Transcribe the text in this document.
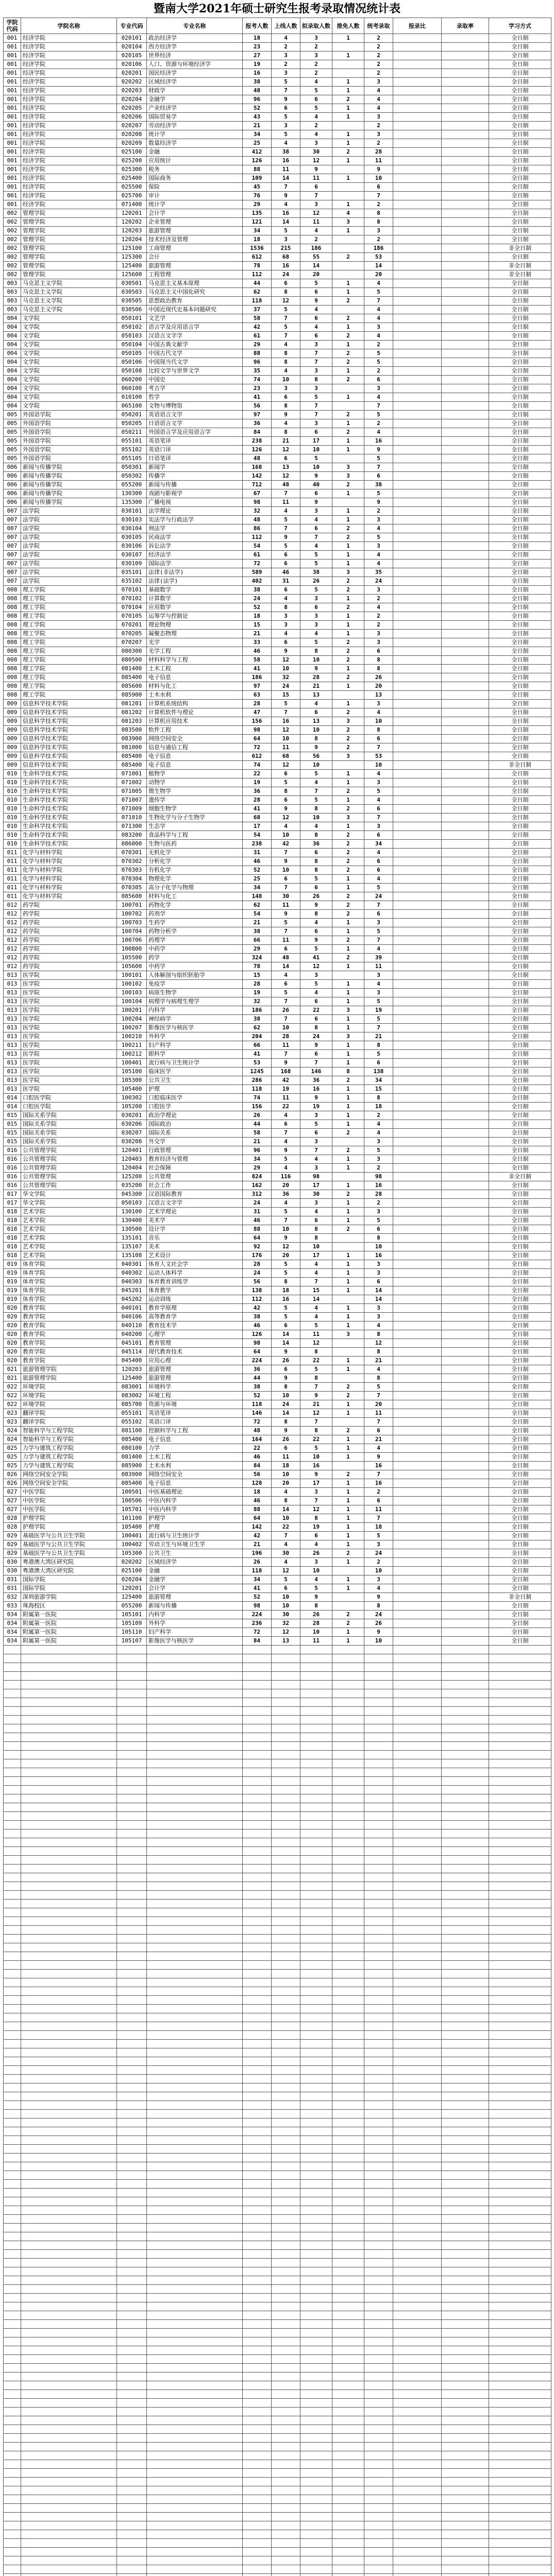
暨南大学2021年硕士研究生报考录取情况统计表
学院代码	学院名称	专业代码	专业名称	报考人数	上线人数	拟录取人数	推免人数	统考录取	报录比	录取率	学习方式
001	经济学院	020101	政治经济学	18	4	3	1	2			全日制
001	经济学院	020104	西方经济学	23	2	2		2			全日制
001	经济学院	020105	世界经济	27	3	3	1	2			全日制
001	经济学院	020106	人口、资源与环境经济学	19	2	2		2			全日制
001	经济学院	020201	国民经济学	16	3	2		2			全日制
001	经济学院	020202	区域经济学	38	5	4	1	3			全日制
001	经济学院	020203	财政学	48	7	5	1	4			全日制
001	经济学院	020204	金融学	96	9	6	2	4			全日制
001	经济学院	020205	产业经济学	52	6	5	1	4			全日制
001	经济学院	020206	国际贸易学	43	5	4	1	3			全日制
001	经济学院	020207	劳动经济学	21	3	2		2			全日制
001	经济学院	020208	统计学	34	5	4	1	3			全日制
001	经济学院	020209	数量经济学	25	4	3	1	2			全日制
001	经济学院	025100	金融	412	38	30	2	28			全日制
001	经济学院	025200	应用统计	126	16	12	1	11			全日制
001	经济学院	025300	税务	88	11	9		9			全日制
001	经济学院	025400	国际商务	109	14	11	1	10			全日制
001	经济学院	025500	保险	45	7	6		6			全日制
001	经济学院	025700	审计	76	9	7		7			全日制
001	经济学院	071400	统计学	29	4	3	1	2			全日制
002	管理学院	120201	会计学	135	16	12	4	8			全日制
002	管理学院	120202	企业管理	121	14	11	3	8			全日制
002	管理学院	120203	旅游管理	34	5	4	1	3			全日制
002	管理学院	120204	技术经济及管理	18	3	2		2			全日制
002	管理学院	125100	工商管理	1536	215	186		186			非全日制
002	管理学院	125300	会计	612	68	55	2	53			全日制
002	管理学院	125400	旅游管理	78	16	14		14			非全日制
002	管理学院	125600	工程管理	112	24	20		20			非全日制
003	马克思主义学院	030501	马克思主义基本原理	44	6	5	1	4			全日制
003	马克思主义学院	030503	马克思主义中国化研究	62	8	6	1	5			全日制
003	马克思主义学院	030505	思想政治教育	118	12	9	2	7			全日制
003	马克思主义学院	030506	中国近现代史基本问题研究	37	5	4		4			全日制
004	文学院	050101	文艺学	58	7	6	2	4			全日制
004	文学院	050102	语言学及应用语言学	42	5	4	1	3			全日制
004	文学院	050103	汉语言文字学	61	7	6	2	4			全日制
004	文学院	050104	中国古典文献学	29	4	3	1	2			全日制
004	文学院	050105	中国古代文学	88	8	7	2	5			全日制
004	文学院	050106	中国现当代文学	96	8	7	2	5			全日制
004	文学院	050108	比较文学与世界文学	35	4	3	1	2			全日制
004	文学院	060200	中国史	74	10	8	2	6			全日制
004	文学院	060100	考古学	23	3	3		3			全日制
004	文学院	010100	哲学	41	6	5	1	4			全日制
004	文学院	065100	文物与博物馆	56	8	7		7			全日制
005	外国语学院	050201	英语语言文学	97	9	7	2	5			全日制
005	外国语学院	050205	日语语言文学	36	4	3	1	2			全日制
005	外国语学院	050211	外国语言学及应用语言学	84	8	6	2	4			全日制
005	外国语学院	055101	英语笔译	238	21	17	1	16			全日制
005	外国语学院	055102	英语口译	126	12	10	1	9			全日制
005	外国语学院	055105	日语笔译	48	6	5		5			全日制
006	新闻与传播学院	050301	新闻学	168	13	10	3	7			全日制
006	新闻与传播学院	050302	传播学	142	12	9	3	6			全日制
006	新闻与传播学院	055200	新闻与传播	712	48	40	2	38			全日制
006	新闻与传播学院	130300	戏剧与影视学	67	7	6	1	5			全日制
006	新闻与传播学院	135300	广播电视	98	11	9		9			全日制
007	法学院	030101	法学理论	32	4	3	1	2			全日制
007	法学院	030103	宪法学与行政法学	48	5	4	1	3			全日制
007	法学院	030104	刑法学	86	7	6	2	4			全日制
007	法学院	030105	民商法学	112	9	7	2	5			全日制
007	法学院	030106	诉讼法学	54	5	4	1	3			全日制
007	法学院	030107	经济法学	61	6	5	1	4			全日制
007	法学院	030109	国际法学	72	6	5	1	4			全日制
007	法学院	035101	法律(非法学)	589	46	38	3	35			全日制
007	法学院	035102	法律(法学)	402	31	26	2	24			全日制
008	理工学院	070101	基础数学	38	6	5	2	3			全日制
008	理工学院	070102	计算数学	24	4	3	1	2			全日制
008	理工学院	070104	应用数学	52	8	6	2	4			全日制
008	理工学院	070105	运筹学与控制论	18	3	3	1	2			全日制
008	理工学院	070201	理论物理	15	3	3	1	2			全日制
008	理工学院	070205	凝聚态物理	21	4	4	1	3			全日制
008	理工学院	070207	光学	33	6	5	2	3			全日制
008	理工学院	080300	光学工程	46	9	8	2	6			全日制
008	理工学院	080500	材料科学与工程	58	12	10	2	8			全日制
008	理工学院	081400	土木工程	41	10	9	1	8			全日制
008	理工学院	085400	电子信息	186	32	28	2	26			全日制
008	理工学院	085600	材料与化工	97	24	21	1	20			全日制
008	理工学院	085900	土木水利	63	15	13		13			全日制
009	信息科学技术学院	081201	计算机系统结构	28	5	4	1	3			全日制
009	信息科学技术学院	081202	计算机软件与理论	47	7	6	2	4			全日制
009	信息科学技术学院	081203	计算机应用技术	156	16	13	3	10			全日制
009	信息科学技术学院	083500	软件工程	98	12	10	2	8			全日制
009	信息科学技术学院	083900	网络空间安全	64	10	8	2	6			全日制
009	信息科学技术学院	081000	信息与通信工程	72	11	9	2	7			全日制
009	信息科学技术学院	085400	电子信息	612	68	56	3	53			全日制
009	信息科学技术学院	085400	电子信息	74	12	10		10			非全日制
010	生命科学技术学院	071001	植物学	22	6	5	1	4			全日制
010	生命科学技术学院	071002	动物学	19	5	4	1	3			全日制
010	生命科学技术学院	071005	微生物学	36	8	7	2	5			全日制
010	生命科学技术学院	071007	遗传学	28	6	5	1	4			全日制
010	生命科学技术学院	071009	细胞生物学	41	9	8	2	6			全日制
010	生命科学技术学院	071010	生物化学与分子生物学	68	12	10	3	7			全日制
010	生命科学技术学院	071300	生态学	17	4	4	1	3			全日制
010	生命科学技术学院	083200	食品科学与工程	54	10	8	2	6			全日制
010	生命科学技术学院	086000	生物与医药	238	42	36	2	34			全日制
011	化学与材料学院	070301	无机化学	31	7	6	2	4			全日制
011	化学与材料学院	070302	分析化学	46	9	8	2	6			全日制
011	化学与材料学院	070303	有机化学	52	10	8	2	6			全日制
011	化学与材料学院	070304	物理化学	25	6	5	1	4			全日制
011	化学与材料学院	070305	高分子化学与物理	34	7	6	1	5			全日制
011	化学与材料学院	085600	材料与化工	148	30	26	2	24			全日制
012	药学院	100701	药物化学	62	11	9	2	7			全日制
012	药学院	100702	药剂学	54	9	8	2	6			全日制
012	药学院	100703	生药学	21	5	4	1	3			全日制
012	药学院	100704	药物分析学	38	7	6	1	5			全日制
012	药学院	100706	药理学	66	11	9	2	7			全日制
012	药学院	100800	中药学	29	6	5	1	4			全日制
012	药学院	105500	药学	324	48	41	2	39			全日制
012	药学院	105600	中药学	78	14	12	1	11			全日制
013	医学院	100101	人体解剖与组织胚胎学	15	4	3		3			全日制
013	医学院	100102	免疫学	28	6	5	1	4			全日制
013	医学院	100103	病原生物学	19	5	4	1	3			全日制
013	医学院	100104	病理学与病理生理学	32	7	6	1	5			全日制
013	医学院	100201	内科学	186	26	22	3	19			全日制
013	医学院	100204	神经病学	38	7	6	1	5			全日制
013	医学院	100207	影像医学与核医学	62	10	8	1	7			全日制
013	医学院	100210	外科学	204	28	24	3	21			全日制
013	医学院	100211	妇产科学	66	11	9	1	8			全日制
013	医学院	100212	眼科学	41	7	6	1	5			全日制
013	医学院	100401	流行病与卫生统计学	53	9	7	1	6			全日制
013	医学院	105100	临床医学	1245	168	146	8	138			全日制
013	医学院	105300	公共卫生	286	42	36	2	34			全日制
013	医学院	105400	护理	118	19	16	1	15			全日制
014	口腔医学院	100302	口腔临床医学	74	11	9	1	8			全日制
014	口腔医学院	105200	口腔医学	156	22	19	1	18			全日制
015	国际关系学院	030201	政治学理论	26	4	3	1	2			全日制
015	国际关系学院	030206	国际政治	44	6	5	1	4			全日制
015	国际关系学院	030207	国际关系	58	7	6	2	4			全日制
015	国际关系学院	030208	外交学	21	4	3		3			全日制
016	公共管理学院	120401	行政管理	96	9	7	2	5			全日制
016	公共管理学院	120403	教育经济与管理	34	5	4	1	3			全日制
016	公共管理学院	120404	社会保障	29	4	3	1	2			全日制
016	公共管理学院	125200	公共管理	824	116	98		98			非全日制
016	公共管理学院	035200	社会工作	162	20	17	1	16			全日制
017	华文学院	045300	汉语国际教育	312	36	30	2	28			全日制
017	华文学院	050103	汉语言文字学	24	4	3	1	2			全日制
018	艺术学院	130100	艺术学理论	31	5	4	1	3			全日制
018	艺术学院	130400	美术学	46	7	6	1	5			全日制
018	艺术学院	130500	设计学	88	10	8	2	6			全日制
018	艺术学院	135101	音乐	64	9	8		8			全日制
018	艺术学院	135107	美术	92	12	10		10			全日制
018	艺术学院	135108	艺术设计	176	20	17	1	16			全日制
019	体育学院	040301	体育人文社会学	28	5	4	1	3			全日制
019	体育学院	040302	运动人体科学	24	5	4	1	3			全日制
019	体育学院	040303	体育教育训练学	56	8	7	1	6			全日制
019	体育学院	045201	体育教学	138	18	15	1	14			全日制
019	体育学院	045202	运动训练	112	16	14		14			全日制
020	教育学院	040101	教育学原理	42	5	4	1	3			全日制
020	教育学院	040106	高等教育学	38	5	4	1	3			全日制
020	教育学院	040110	教育技术学	46	6	5	1	4			全日制
020	教育学院	040200	心理学	126	14	11	3	8			全日制
020	教育学院	045101	教育管理	98	14	12		12			全日制
020	教育学院	045114	现代教育技术	64	9	8		8			全日制
020	教育学院	045400	应用心理	224	26	22	1	21			全日制
021	旅游管理学院	120203	旅游管理	36	6	5	1	4			全日制
021	旅游管理学院	125400	旅游管理	44	9	8		8			全日制
022	环境学院	083001	环境科学	38	8	7	2	5			全日制
022	环境学院	083002	环境工程	52	10	9	2	7			全日制
022	环境学院	085700	资源与环境	118	24	21	1	20			全日制
023	翻译学院	055101	英语笔译	146	14	12	1	11			全日制
023	翻译学院	055102	英语口译	72	8	7		7			全日制
024	智能科学与工程学院	081100	控制科学与工程	48	9	8	2	6			全日制
024	智能科学与工程学院	085400	电子信息	164	26	22	1	21			全日制
025	力学与建筑工程学院	080100	力学	22	6	5	1	4			全日制
025	力学与建筑工程学院	081400	土木工程	46	11	10	1	9			全日制
025	力学与建筑工程学院	085900	土木水利	84	18	16		16			全日制
026	网络空间安全学院	083900	网络空间安全	56	10	9	2	7			全日制
026	网络空间安全学院	085400	电子信息	128	20	17	1	16			全日制
027	中医学院	100501	中医基础理论	18	4	3	1	2			全日制
027	中医学院	100506	中医内科学	46	8	7	1	6			全日制
027	中医学院	105701	中医内科学	88	14	12	1	11			全日制
028	护理学院	101100	护理学	64	10	8	1	7			全日制
028	护理学院	105400	护理	142	22	19	1	18			全日制
029	基础医学与公共卫生学院	100401	流行病与卫生统计学	42	7	6	1	5			全日制
029	基础医学与公共卫生学院	100402	劳动卫生与环境卫生学	21	4	4	1	3			全日制
029	基础医学与公共卫生学院	105300	公共卫生	196	30	26	2	24			全日制
030	粤港澳大湾区研究院	020202	区域经济学	26	4	3	1	2			全日制
030	粤港澳大湾区研究院	025100	金融	118	12	10		10			全日制
031	国际学院	020204	金融学	34	5	4	1	3			全日制
031	国际学院	120201	会计学	41	6	5	1	4			全日制
032	深圳旅游学院	125400	旅游管理	52	10	9		9			非全日制
033	珠海校区	055200	新闻与传播	98	10	8		8			全日制
034	附属第一医院	105101	内科学	224	30	26	2	24			全日制
034	附属第一医院	105109	外科学	236	32	28	2	26			全日制
034	附属第一医院	105110	妇产科学	72	12	10	1	9			全日制
034	附属第一医院	105107	影像医学与核医学	84	13	11	1	10			全日制
